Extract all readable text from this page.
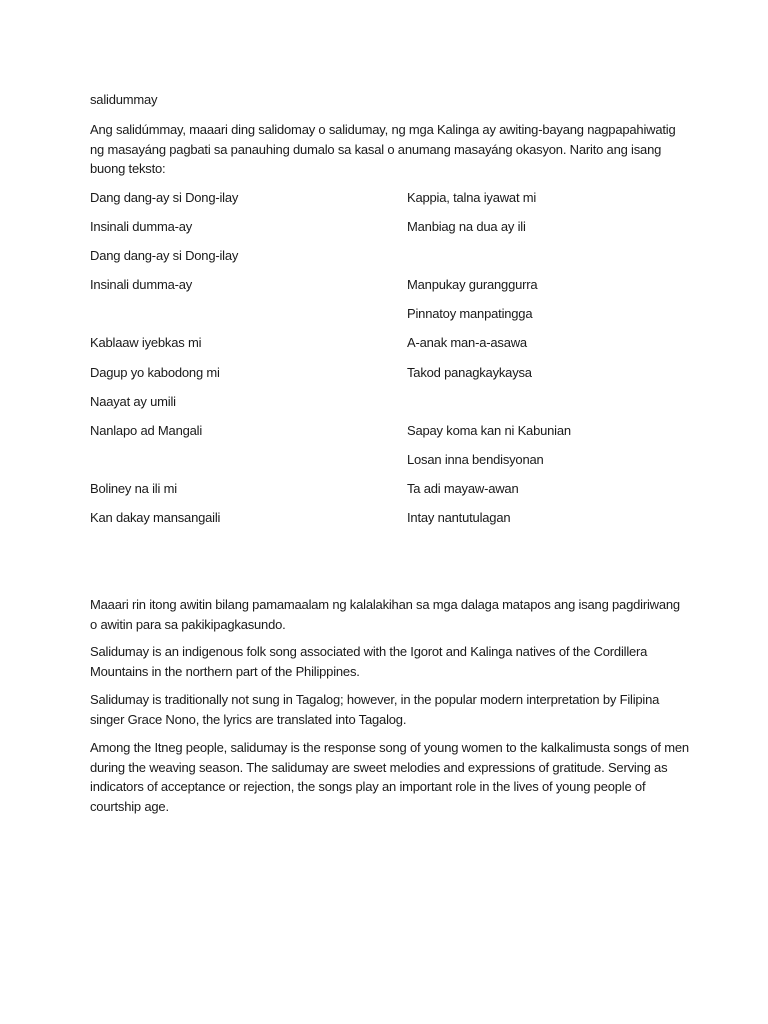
salidummay

Ang salidúmmay, maaari ding salidomay o salidumay, ng mga Kalinga ay awiting-bayang nagpapahiwatig ng masayáng pagbati sa panauhing dumalo sa kasal o anumang masayáng okasyon. Narito ang isang buong teksto:

Dang dang-ay si Dong-ilay
Insinali dumma-ay
Dang dang-ay si Dong-ilay
Insinali dumma-ay
Kablaaw iyebkas mi
Dagup yo kabodong mi
Naayat ay umili
Nanlapo ad Mangali
Boliney na ili mi
Kan dakay mansangaili
Kappia, talna iyawat mi
Manbiag na dua ay ili
Manpukay guranggurra
Pinnatoy manpatingga
A-anak man-a-asawa
Takod panagkaykaysa
Sapay koma kan ni Kabunian
Losan inna bendisyonan
Ta adi mayaw-awan
Intay nantutulagan

Maaari rin itong awitin bilang pamamaalam ng kalalakihan sa mga dalaga matapos ang isang pagdiriwang o awitin para sa pakikipagkasundo.

Salidumay is an indigenous folk song associated with the Igorot and Kalinga natives of the Cordillera Mountains in the northern part of the Philippines.

Salidumay is traditionally not sung in Tagalog; however, in the popular modern interpretation by Filipina singer Grace Nono, the lyrics are translated into Tagalog.

Among the Itneg people, salidumay is the response song of young women to the kalkalimusta songs of men during the weaving season. The salidumay are sweet melodies and expressions of gratitude. Serving as indicators of acceptance or rejection, the songs play an important role in the lives of young people of courtship age.
